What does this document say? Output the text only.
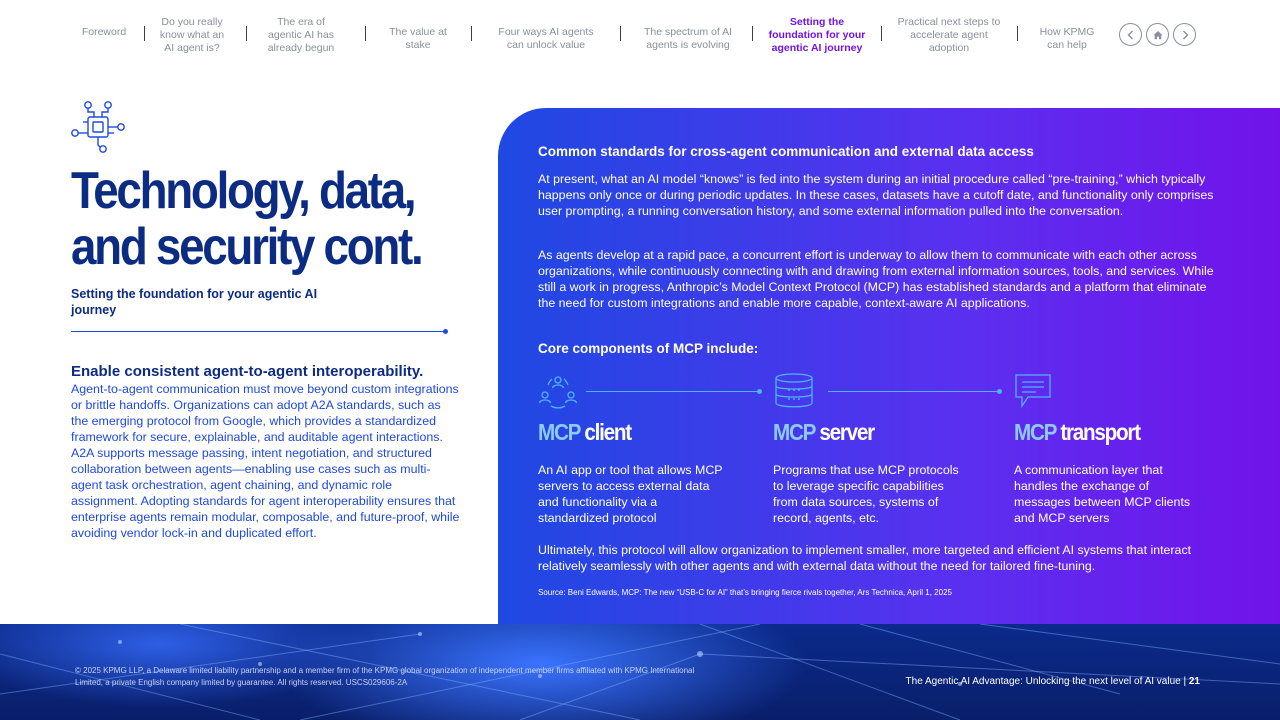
Foreword
Do you really know what an AI agent is?
The era of agentic AI has already begun
The value at stake
Four ways AI agents can unlock value
The spectrum of AI agents is evolving
Setting the foundation for your agentic AI journey
Practical next steps to accelerate agent adoption
How KPMG can help
Technology, data, and security cont.
Setting the foundation for your agentic AI journey
Enable consistent agent-to-agent interoperability.

Agent-to-agent communication must move beyond custom integrations or brittle handoffs. Organizations can adopt A2A standards, such as the emerging protocol from Google, which provides a standardized framework for secure, explainable, and auditable agent interactions. A2A supports message passing, intent negotiation, and structured collaboration between agents—enabling use cases such as multi-agent task orchestration, agent chaining, and dynamic role assignment. Adopting standards for agent interoperability ensures that enterprise agents remain modular, composable, and future-proof, while avoiding vendor lock-in and duplicated effort.

Common standards for cross-agent communication and external data access

At present, what an AI model “knows” is fed into the system during an initial procedure called “pre-training,” which typically happens only once or during periodic updates. In these cases, datasets have a cutoff date, and functionality only comprises user prompting, a running conversation history, and some external information pulled into the conversation.

As agents develop at a rapid pace, a concurrent effort is underway to allow them to communicate with each other across organizations, while continuously connecting with and drawing from external information sources, tools, and services. While still a work in progress, Anthropic’s Model Context Protocol (MCP) has established standards and a platform that eliminate the need for custom integrations and enable more capable, context-aware AI applications.

Core components of MCP include:
MCP client

An AI app or tool that allows MCP servers to access external data and functionality via a standardized protocol

MCP server

Programs that use MCP protocols to leverage specific capabilities from data sources, systems of record, agents, etc.

MCP transport

A communication layer that handles the exchange of messages between MCP clients and MCP servers

Ultimately, this protocol will allow organization to implement smaller, more targeted and efficient AI systems that interact relatively seamlessly with other agents and with external data without the need for tailored fine-tuning.

Source: Beni Edwards, MCP: The new “USB-C for AI” that’s bringing fierce rivals together, Ars Technica, April 1, 2025

© 2025 KPMG LLP, a Delaware limited liability partnership and a member firm of the KPMG global organization of independent member firms affiliated with KPMG International Limited, a private English company limited by guarantee. All rights reserved. USCS029606-2A	The Agentic AI Advantage: Unlocking the next level of AI value | 21
